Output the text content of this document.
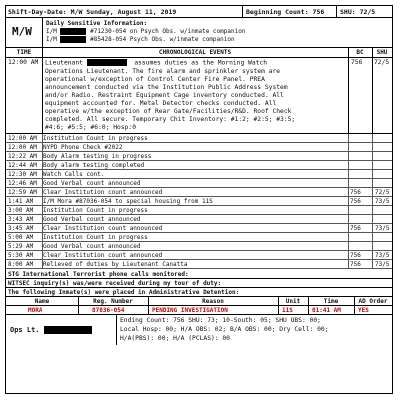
Shift-Day-Date: M/W Sunday, August 11, 2019	Beginning Count: 756 SHU: 72/5
M/W
Daily Sensitive Information:
I/M	#71230-054 on Psych Obs. w/inmate companion
I/M	#85428-054 Psych Obs. w/inmate companion
TIME	CHRONOLOGICAL EVENTS	BC	SHU
12:00 AM Lieutenant	assumes duties as the Morning Watch
Operations Lieutenant. The fire alarm and sprinkler system are
operational w/exception of Control Center Fire Panel. PREA
announcement conducted via the Institution Public Address System
and/or Radio. Restraint Equipment Cage inventory conducted. All
equipment accounted for. Metal Detector checks conducted. All
operative w/the exception of Rear Gate/Facilities/R&D. Roof Check
completed. All secure. Temporary Chit Inventory: #1:2; #2:5; #3:5;
#4:6; #5:5; #6:0; Hosp:0
756 72/5
12:00 AM Institution Count in progress
12:00 AM NYPD Phone Check #2022
12:22 AM Body Alarm testing in progress
12:44 AM Body alarm testing completed
12:30 AM Watch Calls cont.
12:46 AM Good Verbal count announced
12:59 AM Clear Institution count announced	756 72/5
1:41 AM I/M Mora #87036-054 to special housing from 11S	756 73/5
3:00 AM Institution Count in progress
3:43 AM Good Verbal count announced
3:45 AM Clear Institution count announced	756 73/5
5:00 AM Institution Count in progress
5:29 AM Good Verbal count announced
5:30 AM Clear Institution count announced	756 73/5
8:00 AM Relieved of duties by Lieutenant Canatta	756 73/5
STG International Terrorist phone calls monitored:
WITSEC inquiry(s) was/were received during my tour of duty:
The following Inmate(s) were placed in Administrative Detention:
Name	Reg. Number	Reason	Unit	Time	AD Order
MORA	87036-054	PENDING INVESTIGATION	11S	01:41 AM	YES
Ops Lt.
Ending Count: 756 SHU: 73; 10-South: 05; SHU OBS: 00;
Local Hosp: 00; H/A OBS: 02; B/A OBS: 00; Dry Cell: 00;
H/A(PBS): 00; H/A (PCLAS): 00
